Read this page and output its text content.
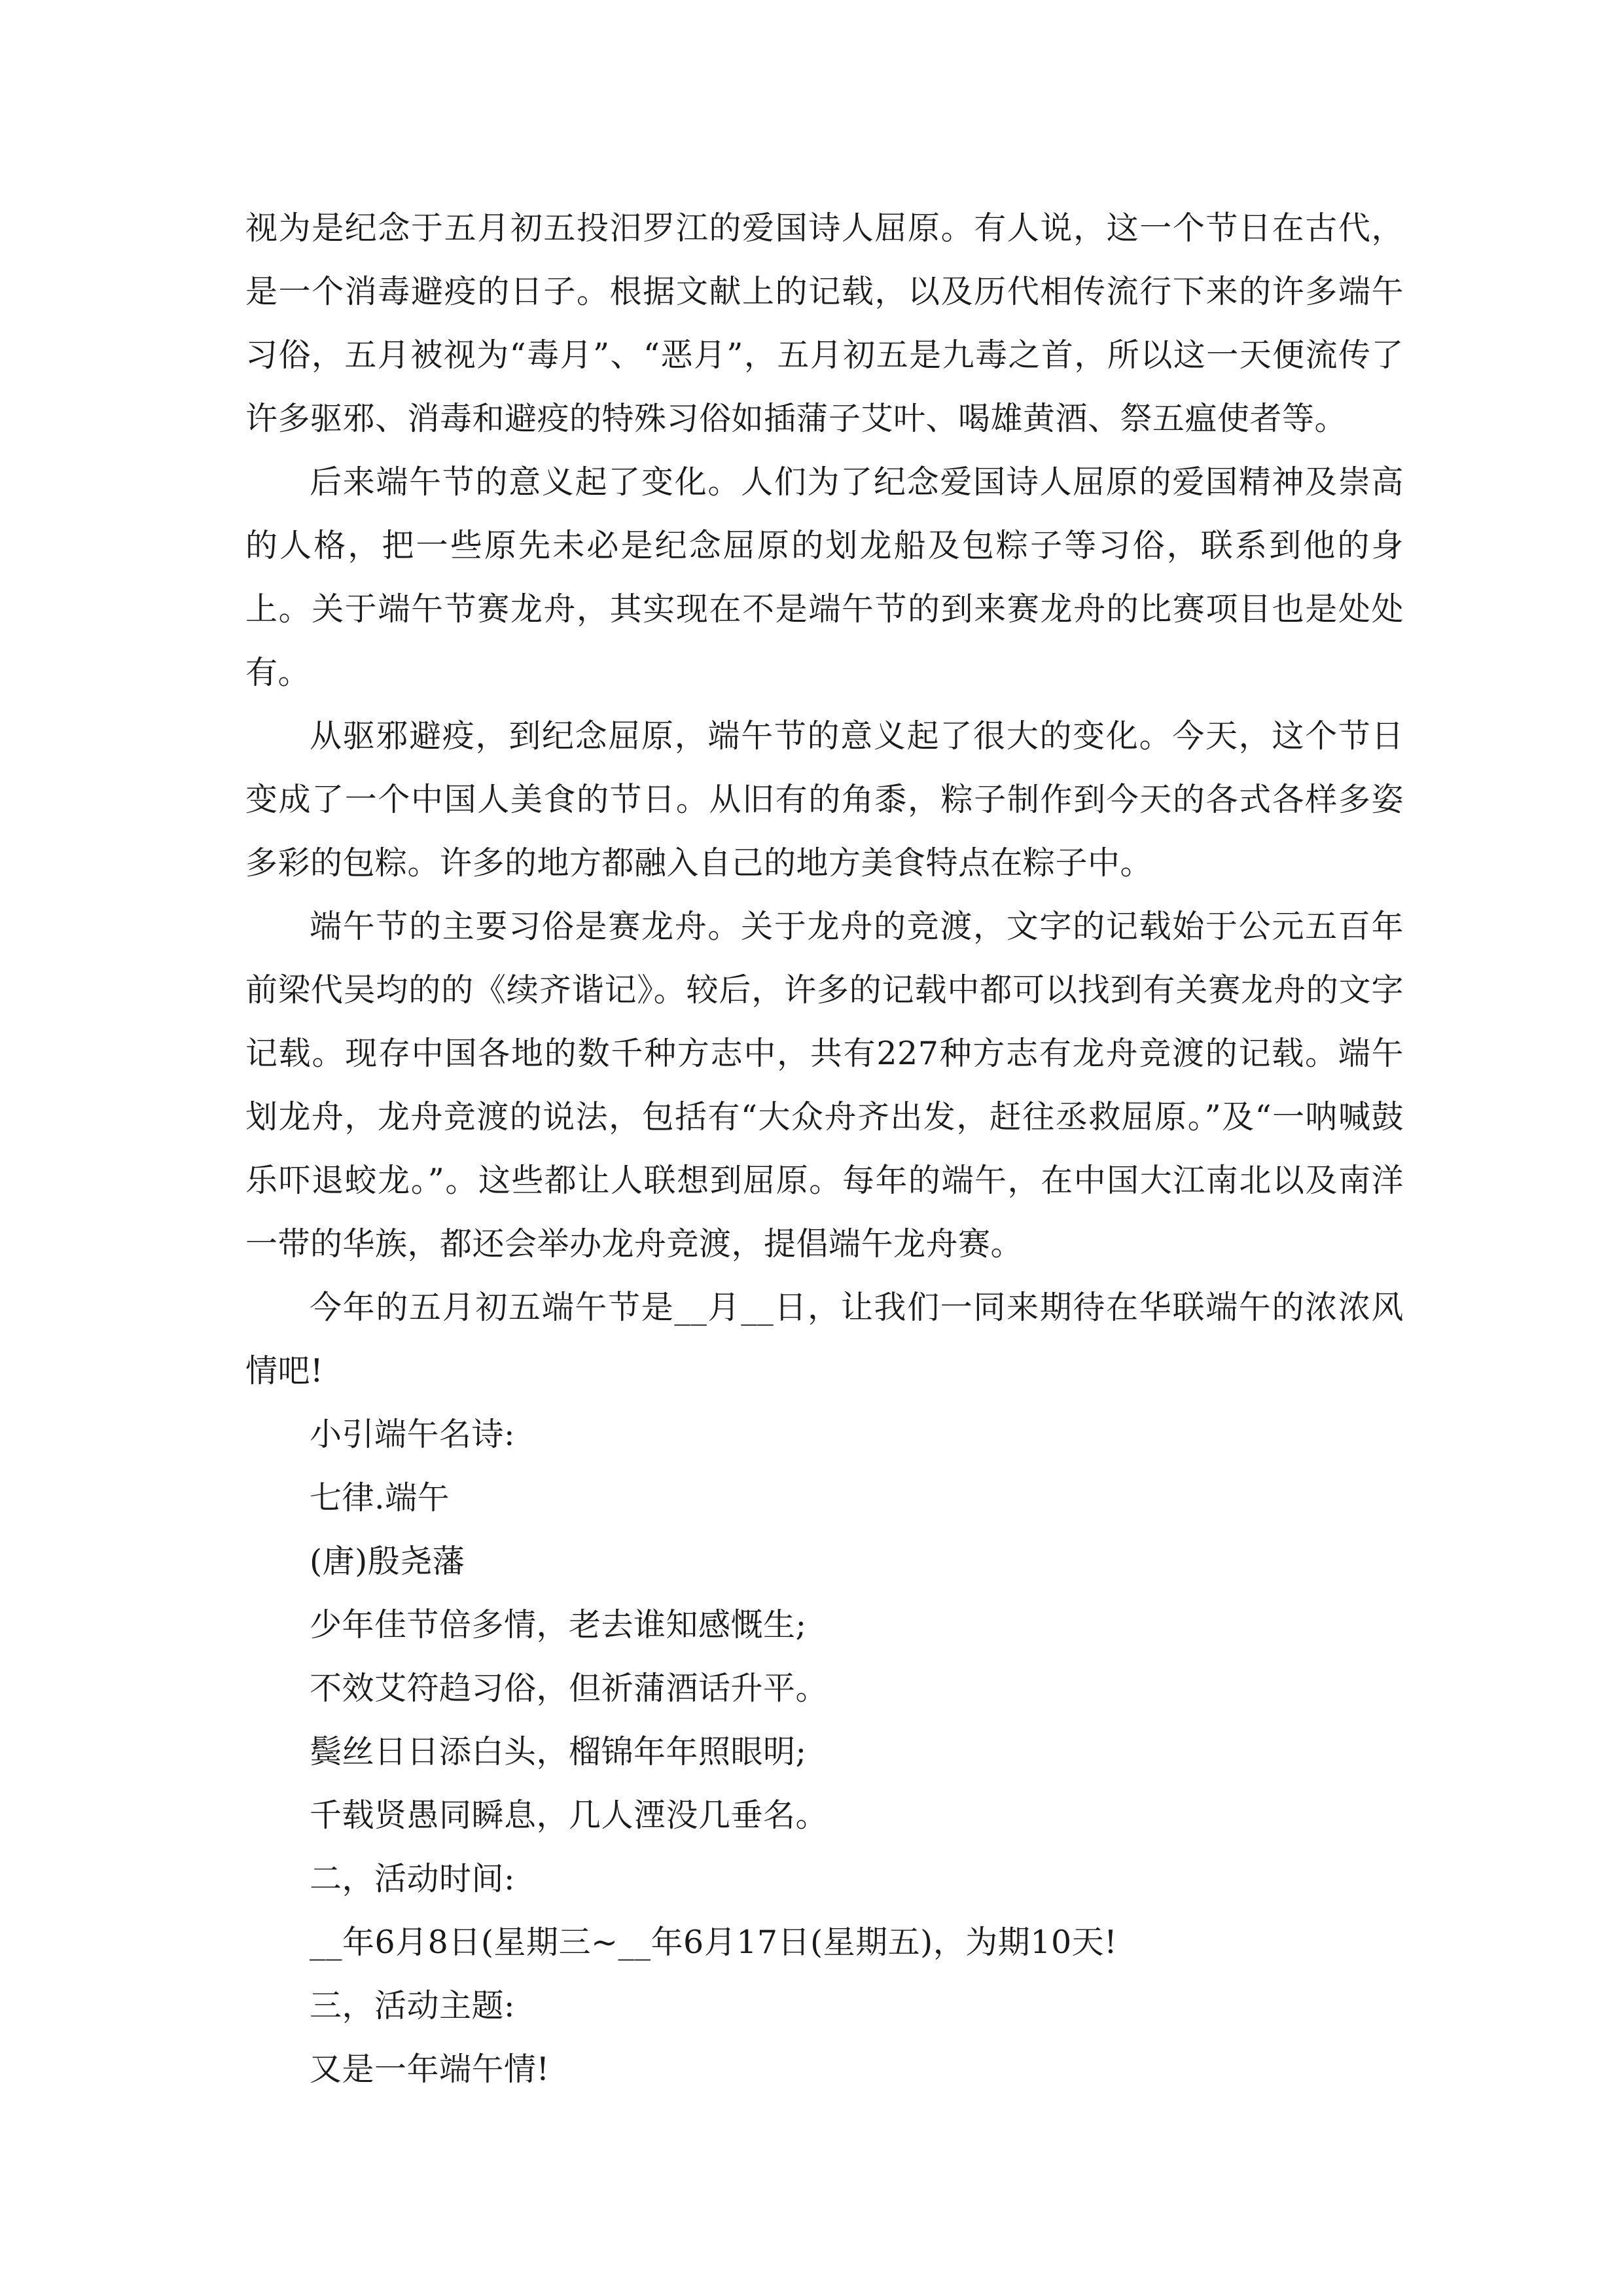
视为是纪念于五月初五投汨罗江的爱国诗人屈原。有人说，这一个节日在古代，是一个消毒避疫的日子。根据文献上的记载，以及历代相传流行下来的许多端午习俗，五月被视为“毒月”、“恶月”，五月初五是九毒之首，所以这一天便流传了许多驱邪、消毒和避疫的特殊习俗如插蒲子艾叶、喝雄黄酒、祭五瘟使者等。

后来端午节的意义起了变化。人们为了纪念爱国诗人屈原的爱国精神及崇高的人格，把一些原先未必是纪念屈原的划龙船及包粽子等习俗，联系到他的身上。关于端午节赛龙舟，其实现在不是端午节的到来赛龙舟的比赛项目也是处处有。

从驱邪避疫，到纪念屈原，端午节的意义起了很大的变化。今天，这个节日变成了一个中国人美食的节日。从旧有的角黍，粽子制作到今天的各式各样多姿多彩的包粽。许多的地方都融入自己的地方美食特点在粽子中。

端午节的主要习俗是赛龙舟。关于龙舟的竞渡，文字的记载始于公元五百年前梁代吴均的的《续齐谐记》。较后，许多的记载中都可以找到有关赛龙舟的文字记载。现存中国各地的数千种方志中，共有227种方志有龙舟竞渡的记载。端午划龙舟，龙舟竞渡的说法，包括有“大众舟齐出发，赶往丞救屈原。”及“一呐喊鼓乐吓退蛟龙。”。这些都让人联想到屈原。每年的端午，在中国大江南北以及南洋一带的华族，都还会举办龙舟竞渡，提倡端午龙舟赛。

今年的五月初五端午节是__月__日，让我们一同来期待在华联端午的浓浓风情吧!

小引端午名诗:

七律.端午

(唐)殷尧藩

少年佳节倍多情，老去谁知感慨生;

不效艾符趋习俗，但祈蒲酒话升平。

鬓丝日日添白头，榴锦年年照眼明;

千载贤愚同瞬息，几人湮没几垂名。

二，活动时间:

__年6月8日(星期三~__年6月17日(星期五)，为期10天!

三，活动主题:

又是一年端午情!
